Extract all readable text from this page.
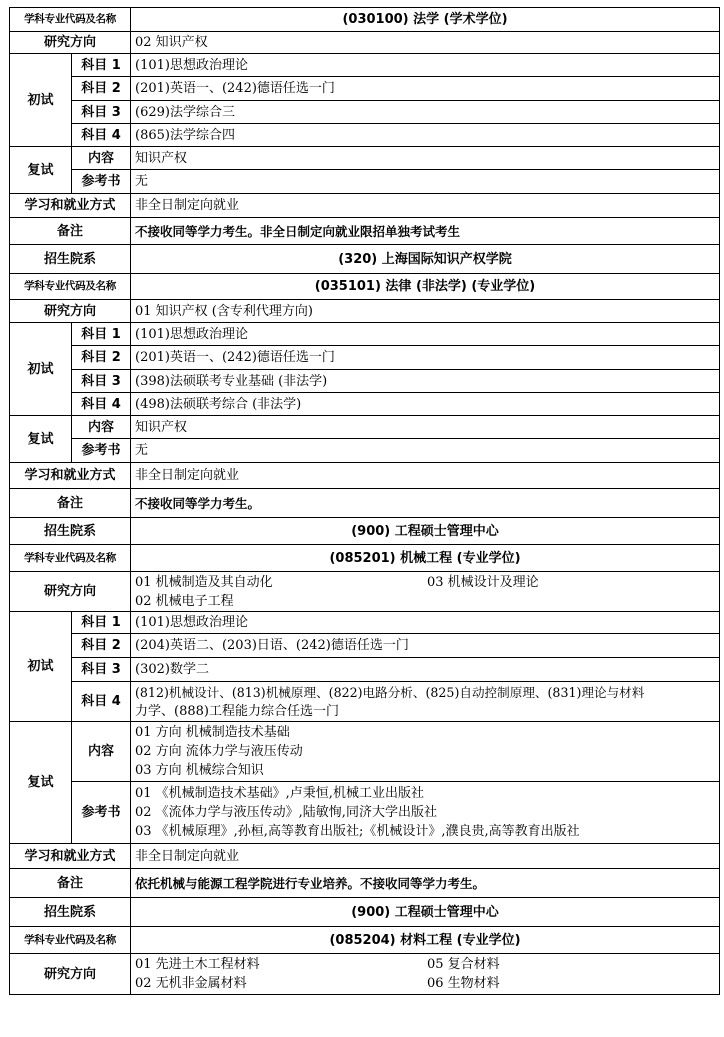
学科专业代码及名称		(030100) 法学 (学术学位)
研究方向		02 知识产权
初试	科目 1	(101)思想政治理论
	科目 2	(201)英语一、(242)德语任选一门
	科目 3	(629)法学综合三
	科目 4	(865)法学综合四
复试	内容	知识产权
	参考书	无
学习和就业方式		非全日制定向就业
备注		不接收同等学力考生。非全日制定向就业限招单独考试考生
招生院系		(320) 上海国际知识产权学院
学科专业代码及名称		(035101) 法律 (非法学) (专业学位)
研究方向		01 知识产权 (含专利代理方向)
初试	科目 1	(101)思想政治理论
	科目 2	(201)英语一、(242)德语任选一门
	科目 3	(398)法硕联考专业基础 (非法学)
	科目 4	(498)法硕联考综合 (非法学)
复试	内容	知识产权
	参考书	无
学习和就业方式		非全日制定向就业
备注		不接收同等学力考生。
招生院系		(900) 工程硕士管理中心
学科专业代码及名称		(085201) 机械工程 (专业学位)
研究方向		01 机械制造及其自动化 03 机械设计及理论
02 机械电子工程

初试	科目 1	(101)思想政治理论
	科目 2	(204)英语二、(203)日语、(242)德语任选一门
	科目 3	(302)数学二
	科目 4	(812)机械设计、(813)机械原理、(822)电路分析、(825)自动控制原理、(831)理论与材料
力学、(888)工程能力综合任选一门

复试	内容	01 方向 机械制造技术基础
02 方向 流体力学与液压传动
03 方向 机械综合知识

	参考书	01 《机械制造技术基础》,卢秉恒,机械工业出版社
02 《流体力学与液压传动》,陆敏恂,同济大学出版社
03 《机械原理》,孙桓,高等教育出版社;《机械设计》,濮良贵,高等教育出版社

学习和就业方式		非全日制定向就业
备注		依托机械与能源工程学院进行专业培养。不接收同等学力考生。
招生院系		(900) 工程硕士管理中心
学科专业代码及名称		(085204) 材料工程 (专业学位)
研究方向		01 先进土木工程材料 05 复合材料
02 无机非金属材料 06 生物材料
